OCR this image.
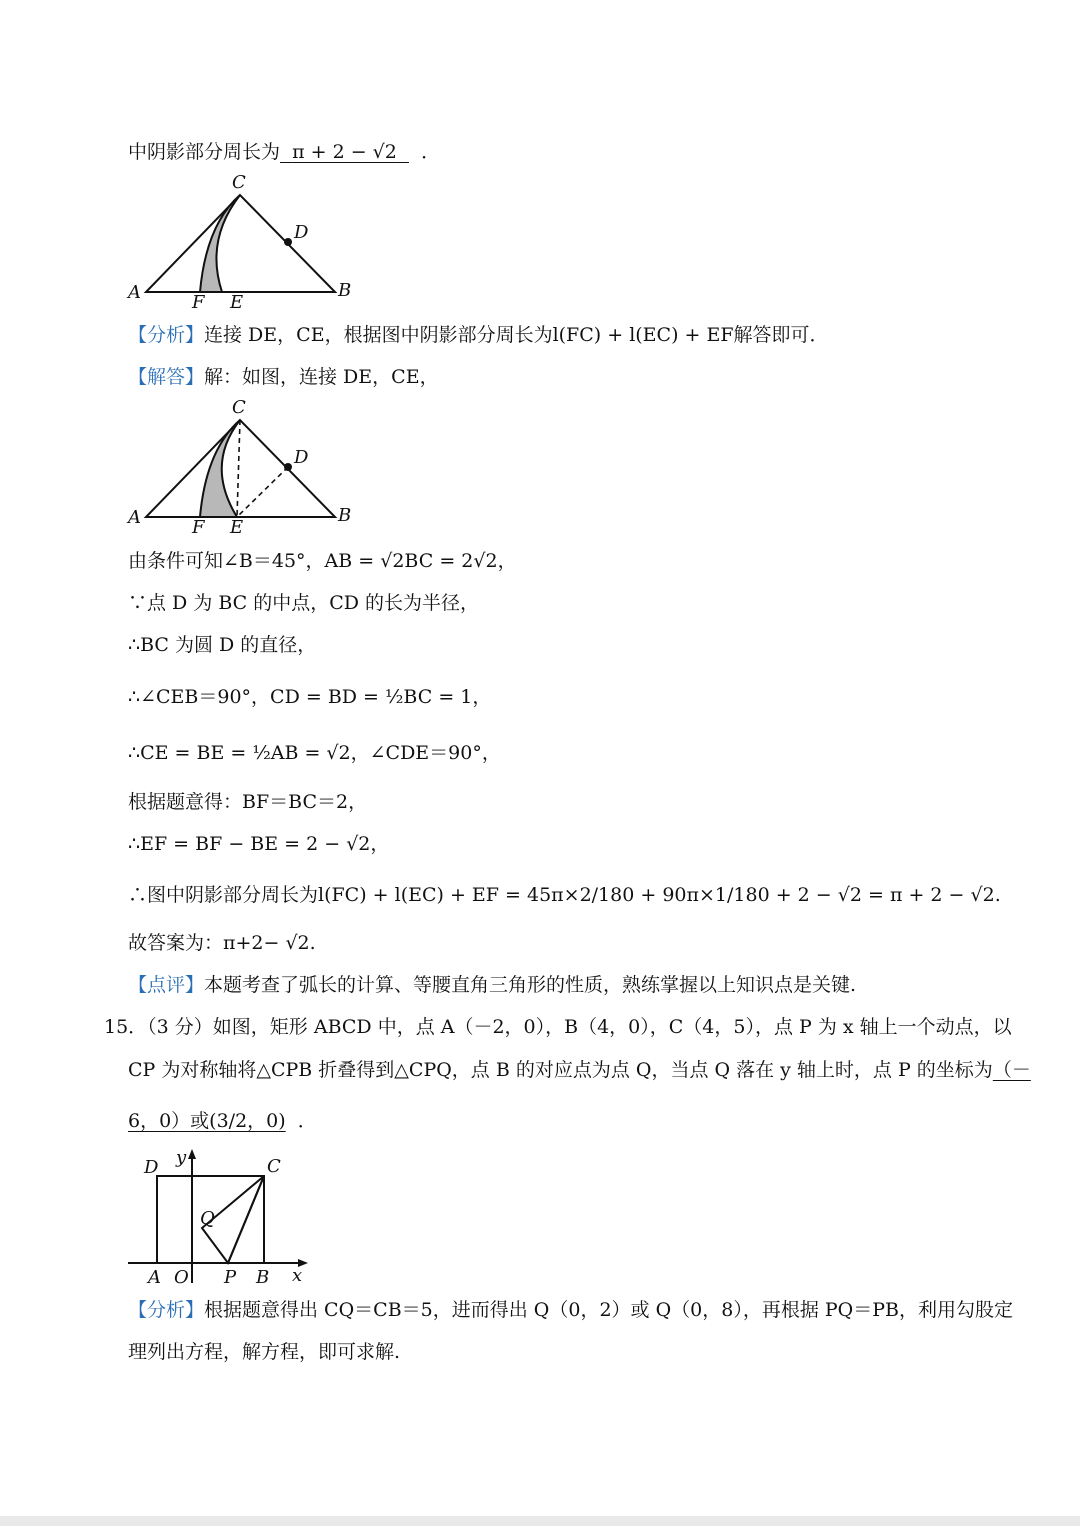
中阴影部分周长为 π + 2 − √2 ．
C
D
A	B
F E
【分析】连接 DE，CE，根据图中阴影部分周长为l(FC) + l(EC) + EF解答即可．
【解答】解：如图，连接 DE，CE，
C
D
A	B
F E
由条件可知∠B＝45°，AB = √2BC = 2√2，
∵点 D 为 BC 的中点，CD 的长为半径，
∴BC 为圆 D 的直径，
∴∠CEB＝90°，CD = BD = ½BC = 1，
∴CE = BE = ½AB = √2，∠CDE＝90°，
根据题意得：BF＝BC＝2，
∴EF = BF − BE = 2 − √2，
∴图中阴影部分周长为l(FC) + l(EC) + EF = 45π×2/180 + 90π×1/180 + 2 − √2 = π + 2 − √2.
故答案为：π+2− √2.
【点评】本题考查了弧长的计算、等腰直角三角形的性质，熟练掌握以上知识点是关键.
15．（3 分）如图，矩形 ABCD 中，点 A（－2，0），B（4，0），C（4，5），点 P 为 x 轴上一个动点，以
CP 为对称轴将△CPB 折叠得到△CPQ，点 B 的对应点为点 Q，当点 Q 落在 y 轴上时，点 P 的坐标为（－
6，0）或(3/2，0)  ．
D y	C
Q
A O P B x
【分析】根据题意得出 CQ＝CB＝5，进而得出 Q（0，2）或 Q（0，8），再根据 PQ＝PB，利用勾股定
理列出方程，解方程，即可求解.
